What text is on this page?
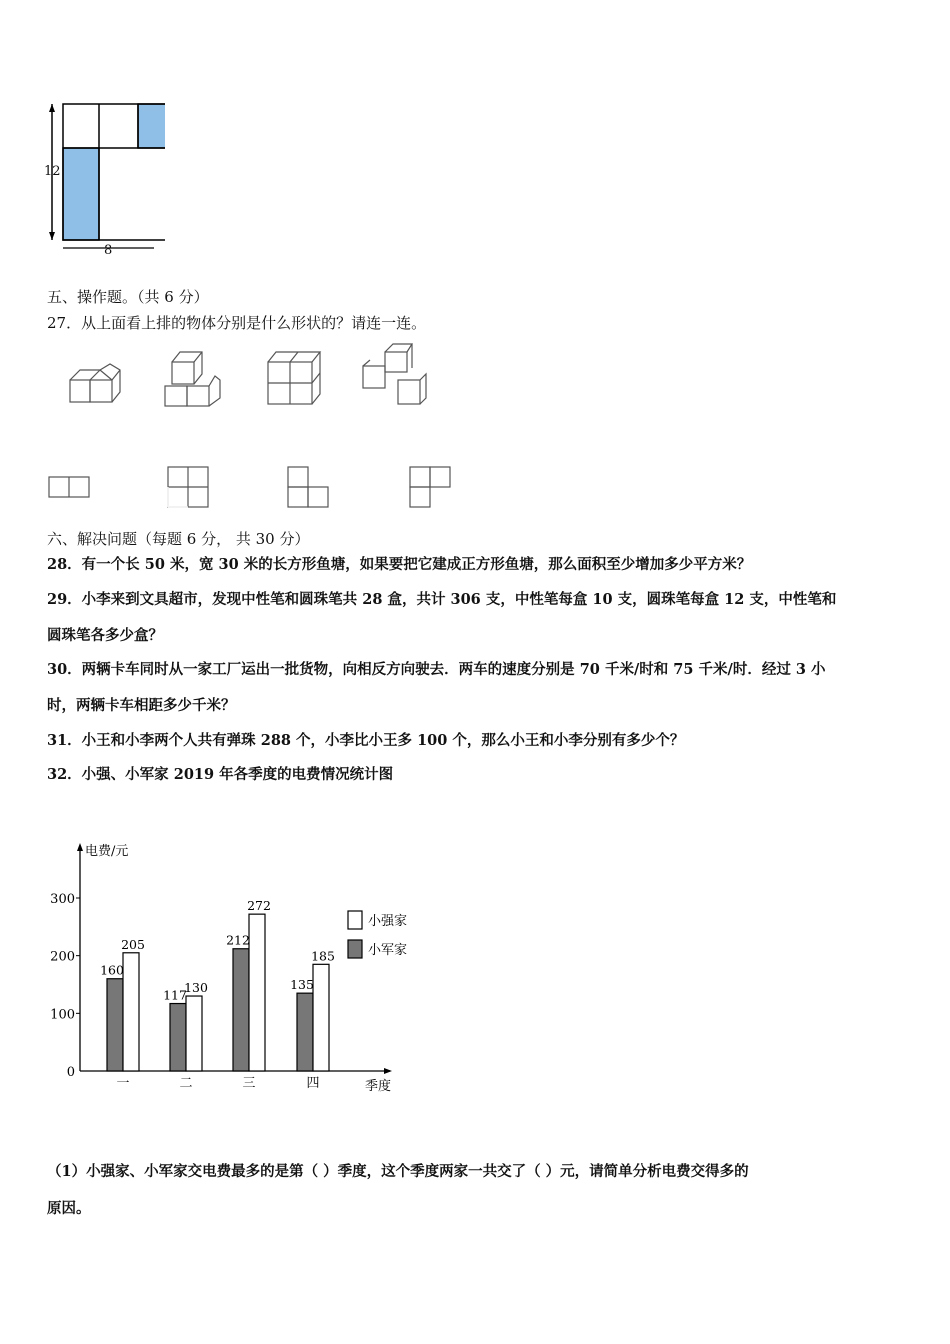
12
8
五、操作题。（共 6 分）
27．从上面看上排的物体分别是什么形状的？请连一连。
六、解决问题（每题 6 分， 共 30 分）
28．有一个长 50 米，宽 30 米的长方形鱼塘，如果要把它建成正方形鱼塘，那么面积至少增加多少平方米？
29．小李来到文具超市，发现中性笔和圆珠笔共 28 盒，共计 306 支，中性笔每盒 10 支，圆珠笔每盒 12 支，中性笔和
圆珠笔各多少盒？
30．两辆卡车同时从一家工厂运出一批货物，向相反方向驶去．两车的速度分别是 70 千米/时和 75 千米/时．经过 3 小
时，两辆卡车相距多少千米？
31．小王和小李两个人共有弹珠 288 个，小李比小王多 100 个，那么小王和小李分别有多少个？
32．小强、小军家 2019 年各季度的电费情况统计图
电费/元
季度
0
100
200
300
160
205
一
117
130
二
212
272
三
135
185
四
小强家
小军家
（1）小强家、小军家交电费最多的是第（ ）季度，这个季度两家一共交了（ ）元，请简单分析电费交得多的
原因。
